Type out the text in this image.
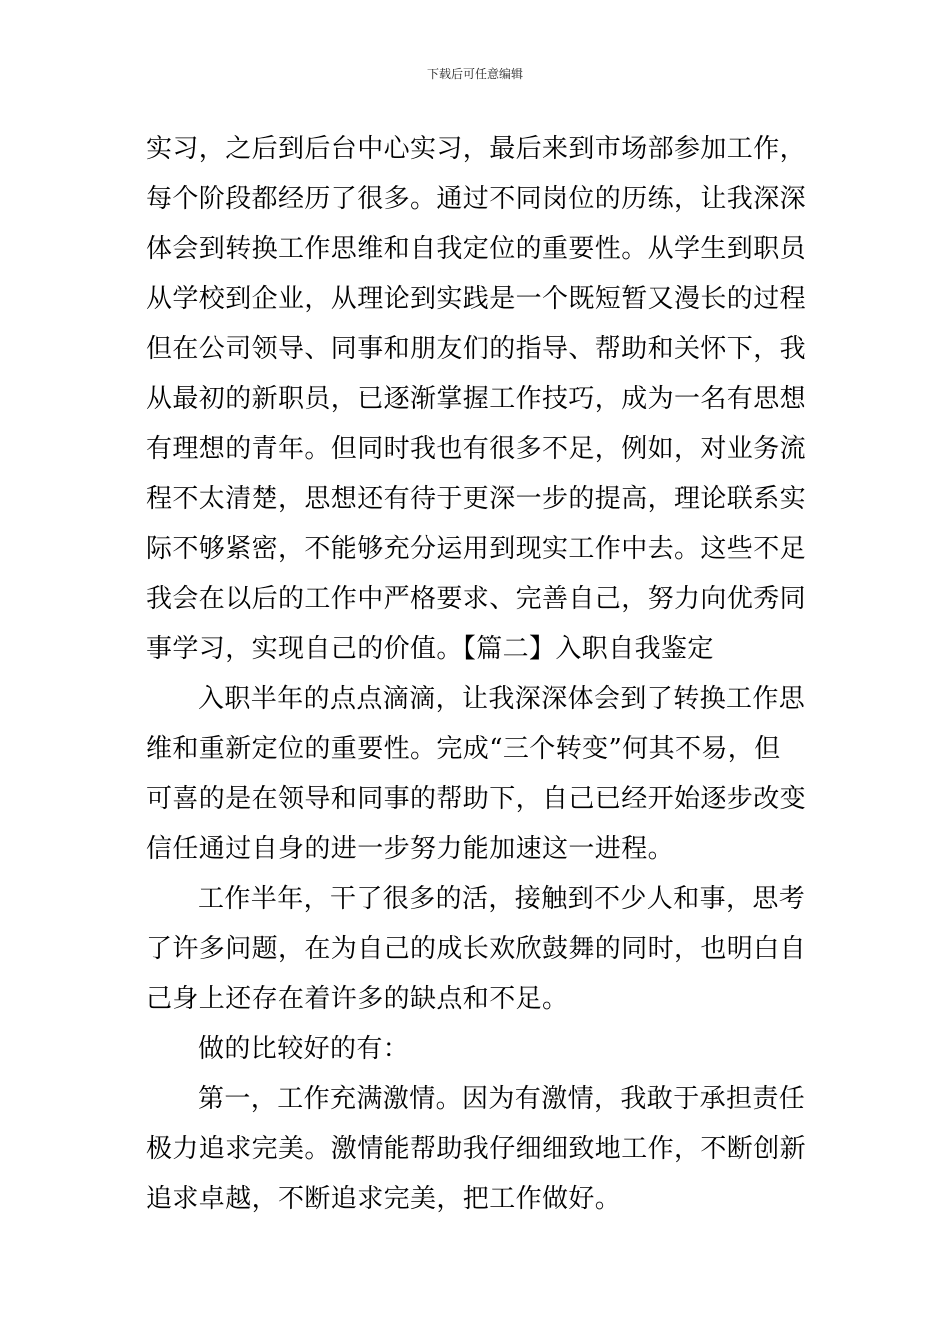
下载后可任意编辑
实习，之后到后台中心实习，最后来到市场部参加工作，
每个阶段都经历了很多。通过不同岗位的历练，让我深深
体会到转换工作思维和自我定位的重要性。从学生到职员
从学校到企业，从理论到实践是一个既短暂又漫长的过程
但在公司领导、同事和朋友们的指导、帮助和关怀下，我
从最初的新职员，已逐渐掌握工作技巧，成为一名有思想
有理想的青年。但同时我也有很多不足，例如，对业务流
程不太清楚，思想还有待于更深一步的提高，理论联系实
际不够紧密，不能够充分运用到现实工作中去。这些不足
我会在以后的工作中严格要求、完善自己，努力向优秀同
事学习，实现自己的价值。【篇二】入职自我鉴定
入职半年的点点滴滴，让我深深体会到了转换工作思
维和重新定位的重要性。完成“三个转变”何其不易，但
可喜的是在领导和同事的帮助下，自己已经开始逐步改变
信任通过自身的进一步努力能加速这一进程。
工作半年，干了很多的活，接触到不少人和事，思考
了许多问题，在为自己的成长欢欣鼓舞的同时，也明白自
己身上还存在着许多的缺点和不足。
做的比较好的有：
第一，工作充满激情。因为有激情，我敢于承担责任
极力追求完美。激情能帮助我仔细细致地工作，不断创新
追求卓越，不断追求完美，把工作做好。
